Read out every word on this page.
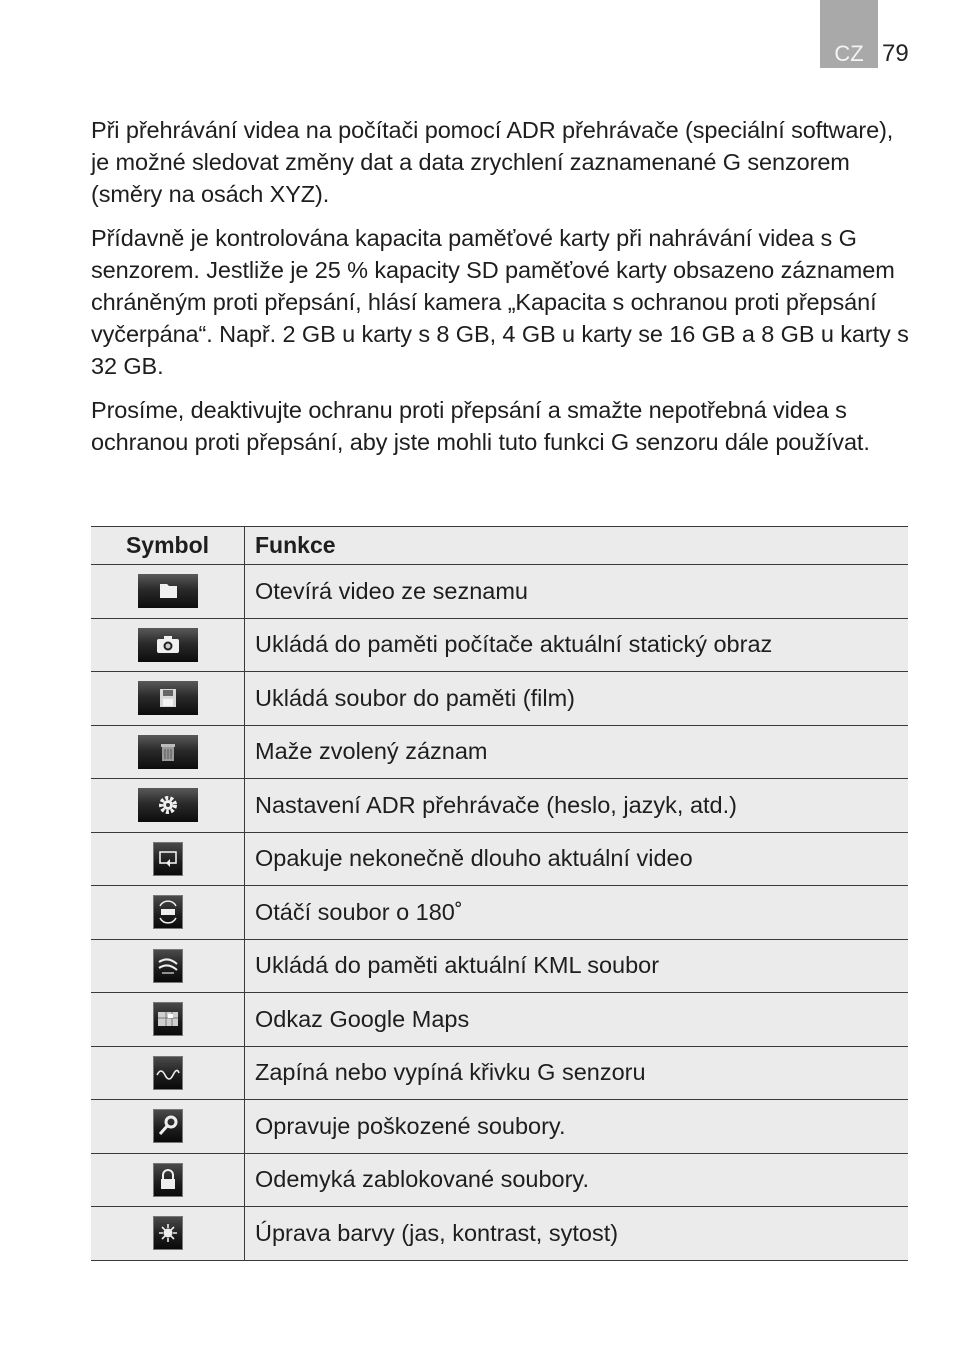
CZ 79

Při přehrávání videa na počítači pomocí ADR přehrávače (speciální software), je možné sledovat změny dat a data zrychlení zaznamenané G senzorem (směry na osách XYZ).

Přídavně je kontrolována kapacita paměťové karty při nahrávání videa s G senzorem. Jestliže je 25 % kapacity SD paměťové karty obsazeno záznamem chráněným proti přepsání, hlásí kamera „Kapacita s ochranou proti přepsání vyčerpána“. Např. 2 GB u karty s 8 GB, 4 GB u karty se 16 GB a 8 GB u karty s 32 GB.

Prosíme, deaktivujte ochranu proti přepsání a smažte nepotřebná videa s ochranou proti přepsání, aby jste mohli tuto funkci G senzoru dále používat.

Symbol	Funkce

	Otevírá video ze seznamu

	Ukládá do paměti počítače aktuální statický obraz

	Ukládá soubor do paměti (film)

	Maže zvolený záznam

	Nastavení ADR přehrávače (heslo, jazyk, atd.)

	Opakuje nekonečně dlouho aktuální video

	Otáčí soubor o 180˚

	Ukládá do paměti aktuální KML soubor

	Odkaz Google Maps

	Zapíná nebo vypíná křivku G senzoru

	Opravuje poškozené soubory.

	Odemyká zablokované soubory.

	Úprava barvy (jas, kontrast, sytost)
